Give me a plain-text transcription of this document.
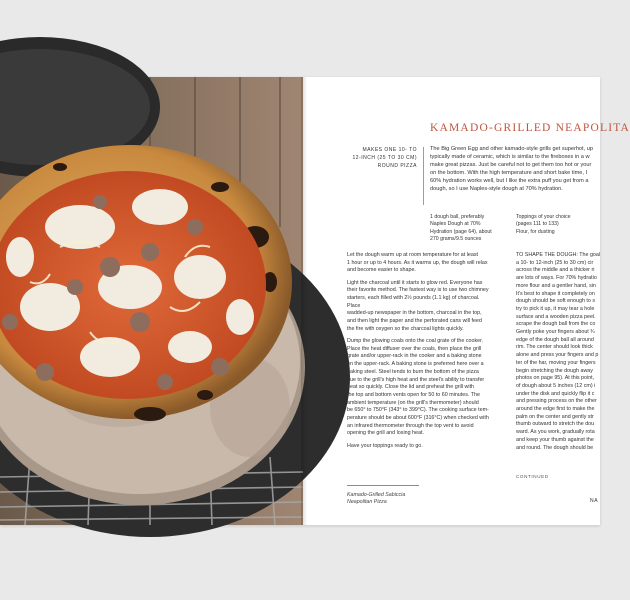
KAMADO-GRILLED NEAPOLITA
MAKES ONE 10- TO
12-INCH (25 TO 30 CM)
ROUND PIZZA
The Big Green Egg and other kamado-style grills get superhot, up
typically made of ceramic, which is similar to the fireboxes in a w
make great pizzas. Just be careful not to get them too hot or your
on the bottom. With the high temperature and short bake time, I
60% hydration works well, but I like the extra puff you get from a
dough, so I use Naples-style dough at 70% hydration.
1 dough ball, preferably
Naples Dough at 70%
Hydration (page 64), about
270 grams/9.5 ounces
Toppings of your choice
(pages 111 to 133)
Flour, for dusting

Let the dough warm up at room temperature for at least
1 hour or up to 4 hours. As it warms up, the dough will relax
and become easier to shape.

Light the charcoal until it starts to glow red. Everyone has
their favorite method. The fastest way is to use two chimney
starters, each filled with 2½ pounds (1.1 kg) of charcoal. Place
wadded-up newspaper in the bottom, charcoal in the top,
and then light the paper and the perforated cans will feed
the fire with oxygen so the charcoal lights quickly.

Dump the glowing coals onto the coal grate of the cooker.
Place the heat diffuser over the coals, then place the grill
grate and/or upper-rack in the cooker and a baking stone
on the upper-rack. A baking stone is preferred here over a
baking steel. Steel tends to burn the bottom of the pizza
due to the grill's high heat and the steel's ability to transfer
heat so quickly. Close the lid and preheat the grill with
the top and bottom vents open for 50 to 60 minutes. The
ambient temperature (on the grill's thermometer) should
be 650° to 750°F (343° to 399°C). The cooking surface tem-
perature should be about 600°F (316°C) when checked with
an infrared thermometer through the top vent to avoid
opening the grill and losing heat.

Have your toppings ready to go.

TO SHAPE THE DOUGH: The goal
a 10- to 12-inch (25 to 30 cm) cir
across the middle and a thicker ri
are lots of ways. For 70% hydratio
more flour and a gentler hand, sin
It's best to shape it completely on
dough should be soft enough to s
try to pick it up, it may tear a hole
surface and a wooden pizza peel.
scrape the dough ball from the co
Gently poke your fingers about ¾
edge of the dough ball all around
rim. The center should look thick
alone and press your fingers and p
ter of the har, moving your fingers
begin stretching the dough away
photos on page 95). At this point,
of dough about 5 inches (12 cm) i
under the disk and quickly flip it c
and pressing process on the other
around the edge first to make the
palm on the center and gently str
thumb outward to stretch the dou
ward. As you work, gradually rota
and keep your thumb against the
and round. The dough should be

CONTINUED
Kamado-Grilled Sabiccia
Neapolitan Pizza	NA
